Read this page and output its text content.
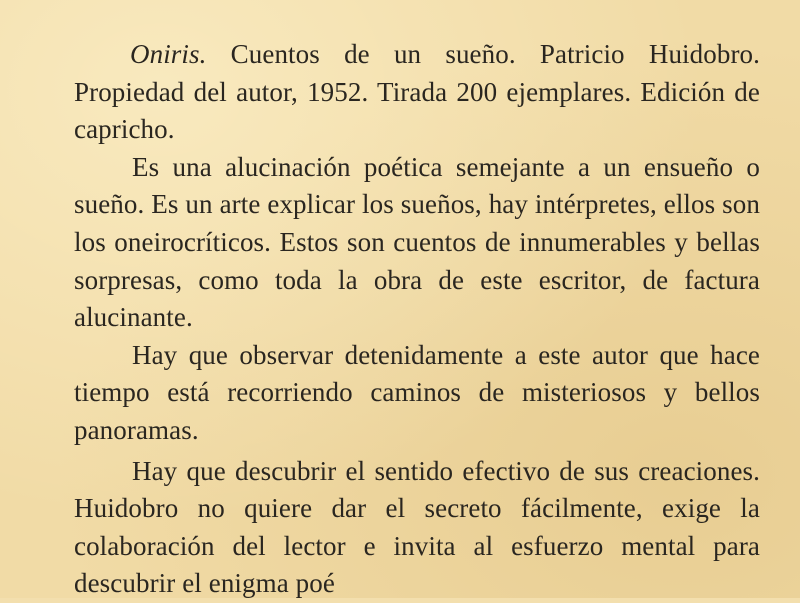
Oniris. Cuentos de un sueño. Patricio Huidobro. Propiedad del autor, 1952. Tirada 200 ejemplares. Edición de capricho.

Es una alucinación poética semejante a un ensueño o sueño. Es un arte explicar los sueños, hay intérpretes, ellos son los oneirocríticos. Estos son cuentos de innumerables y bellas sorpresas, como toda la obra de este escritor, de factura alucinante.

Hay que observar detenidamente a este autor que hace tiempo está recorriendo caminos de misteriosos y bellos panoramas.

Hay que descubrir el sentido efectivo de sus creaciones. Huidobro no quiere dar el secreto fácilmente, exige la colaboración del lector e invita al esfuerzo mental para descubrir el enigma poé
